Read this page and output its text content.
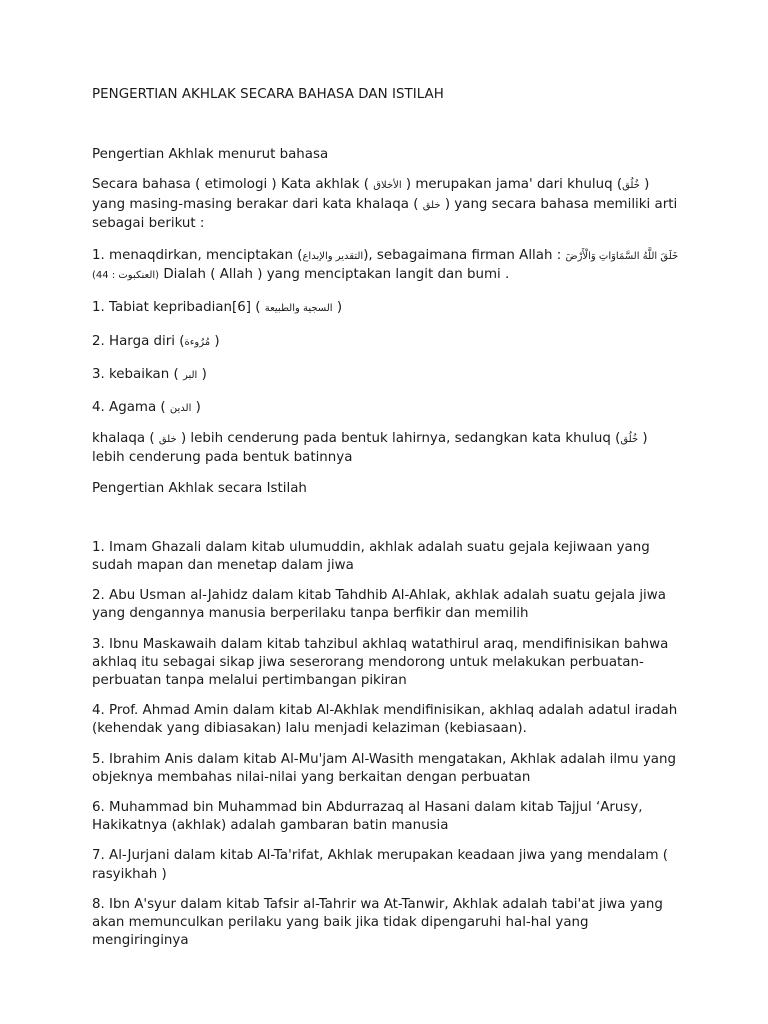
PENGERTIAN AKHLAK SECARA BAHASA DAN ISTILAH

Pengertian Akhlak menurut bahasa

Secara bahasa ( etimologi ) Kata akhlak ( الأخلاق ) merupakan jama' dari khuluq (خُلُق ) yang masing-masing berakar dari kata khalaqa ( خلق ) yang secara bahasa memiliki arti sebagai berikut :

1. menaqdirkan, menciptakan (التقدير والإبداع), sebagaimana firman Allah : خَلَقَ اللَّهُ السَّمَاوَاتِ وَالْأَرْضَ (العنكبوت : 44) Dialah ( Allah ) yang menciptakan langit dan bumi .

1. Tabiat kepribadian[6] ( السجية والطبيعة )

2. Harga diri (مُرُوءة )

3. kebaikan ( البر )

4. Agama ( الدين )

khalaqa ( خلق ) lebih cenderung pada bentuk lahirnya, sedangkan kata khuluq (خُلُق ) lebih cenderung pada bentuk batinnya

Pengertian Akhlak secara Istilah

1. Imam Ghazali dalam kitab ulumuddin, akhlak adalah suatu gejala kejiwaan yang sudah mapan dan menetap dalam jiwa

2. Abu Usman al-Jahidz dalam kitab Tahdhib Al-Ahlak, akhlak adalah suatu gejala jiwa yang dengannya manusia berperilaku tanpa berfikir dan memilih

3. Ibnu Maskawaih dalam kitab tahzibul akhlaq watathirul araq, mendifinisikan bahwa akhlaq itu sebagai sikap jiwa seserorang mendorong untuk melakukan perbuatan-perbuatan tanpa melalui pertimbangan pikiran

4. Prof. Ahmad Amin dalam kitab Al-Akhlak mendifinisikan, akhlaq adalah adatul iradah (kehendak yang dibiasakan) lalu menjadi kelaziman (kebiasaan).

5. Ibrahim Anis dalam kitab Al-Mu'jam Al-Wasith mengatakan, Akhlak adalah ilmu yang objeknya membahas nilai-nilai yang berkaitan dengan perbuatan

6. Muhammad bin Muhammad bin Abdurrazaq al Hasani dalam kitab Tajjul ‘Arusy, Hakikatnya (akhlak) adalah gambaran batin manusia

7. Al-Jurjani dalam kitab Al-Ta'rifat, Akhlak merupakan keadaan jiwa yang mendalam ( rasyikhah )

8. Ibn A'syur dalam kitab Tafsir al-Tahrir wa At-Tanwir, Akhlak adalah tabi'at jiwa yang akan memunculkan perilaku yang baik jika tidak dipengaruhi hal-hal yang mengiringinya
